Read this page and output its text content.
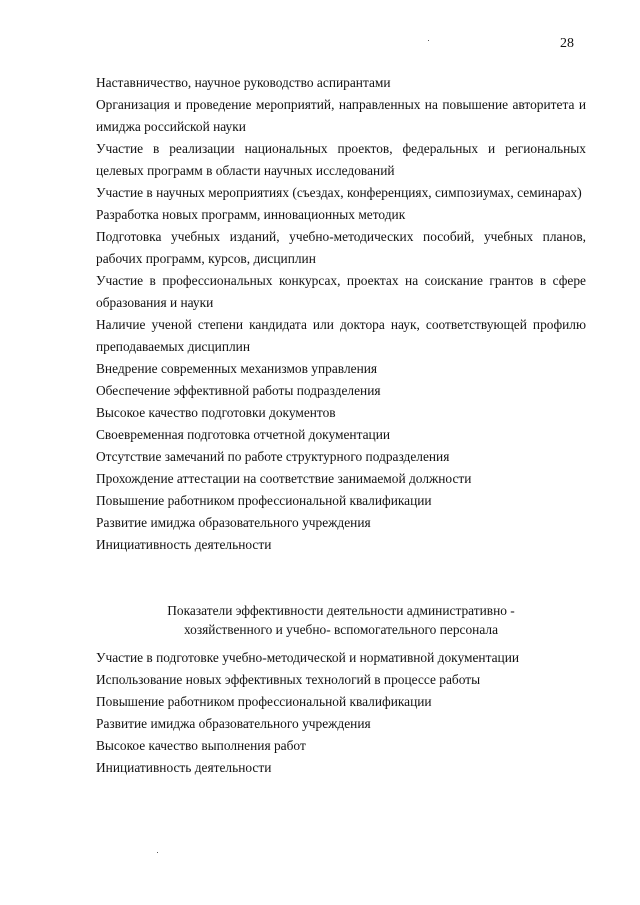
28
Наставничество, научное руководство аспирантами
Организация и проведение мероприятий, направленных на повышение авторитета и имиджа российской науки
Участие в реализации национальных проектов, федеральных и региональных целевых программ в области научных исследований
Участие в научных мероприятиях (съездах, конференциях, симпозиумах, семинарах)
Разработка новых программ, инновационных методик
Подготовка учебных изданий, учебно-методических пособий, учебных планов, рабочих программ, курсов, дисциплин
Участие в профессиональных конкурсах, проектах на соискание грантов в сфере образования и науки
Наличие ученой степени кандидата или доктора наук, соответствующей профилю преподаваемых дисциплин
Внедрение современных механизмов управления
Обеспечение эффективной работы подразделения
Высокое качество подготовки документов
Своевременная подготовка отчетной документации
Отсутствие замечаний по работе структурного подразделения
Прохождение аттестации на соответствие занимаемой должности
Повышение работником профессиональной квалификации
Развитие имиджа образовательного учреждения
Инициативность деятельности
Показатели эффективности деятельности административно -
хозяйственного и учебно- вспомогательного персонала
Участие в подготовке учебно-методической и нормативной документации
Использование новых эффективных технологий в процессе работы
Повышение работником профессиональной квалификации
Развитие имиджа образовательного учреждения
Высокое качество выполнения работ
Инициативность деятельности
